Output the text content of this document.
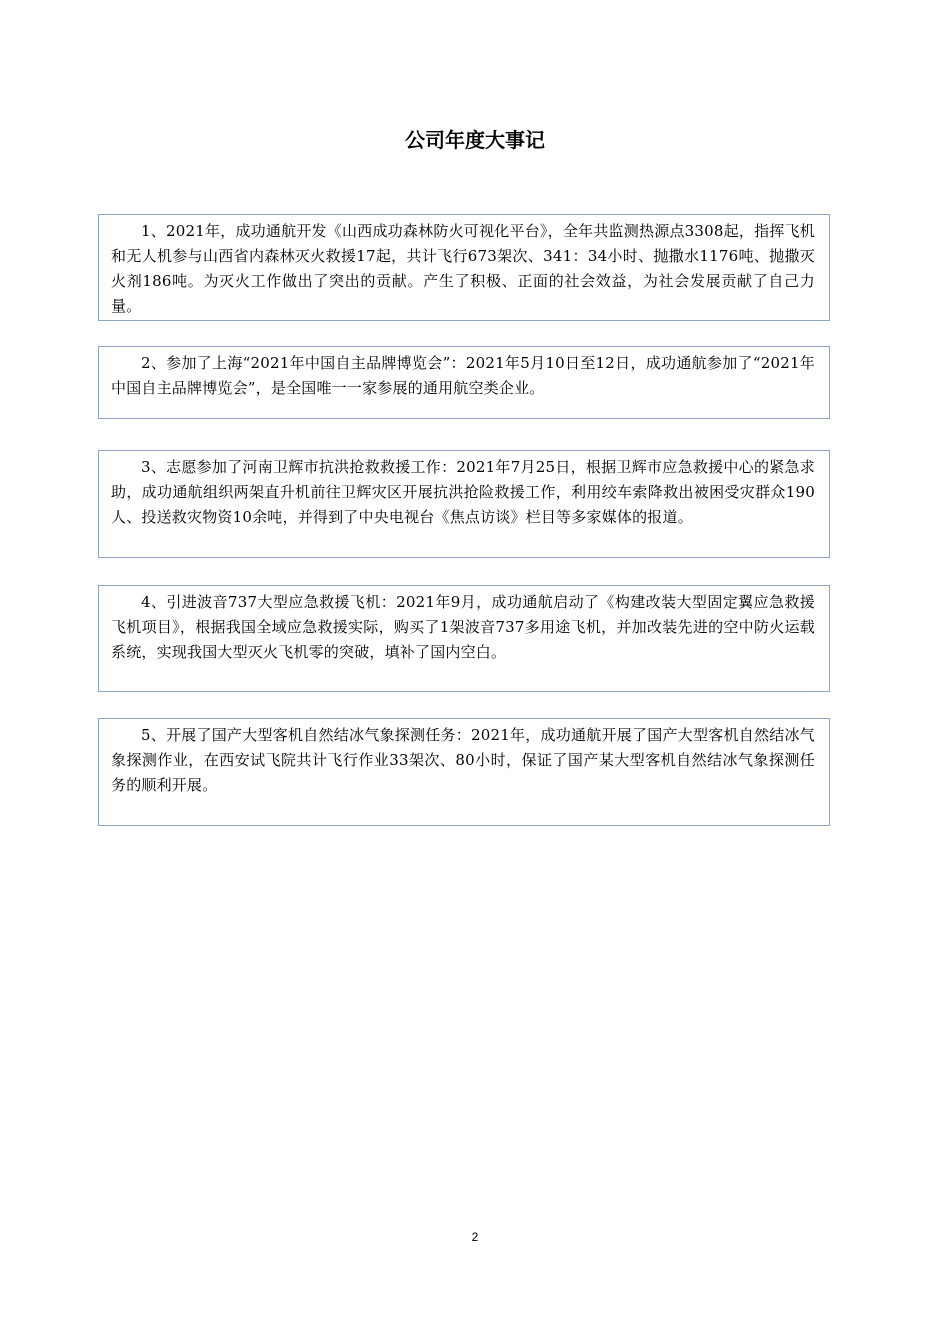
公司年度大事记

1、2021年，成功通航开发《山西成功森林防火可视化平台》，全年共监测热源点3308起，指挥飞机和无人机参与山西省内森林灭火救援17起，共计飞行673架次、341：34小时、抛撒水1176吨、抛撒灭火剂186吨。为灭火工作做出了突出的贡献。产生了积极、正面的社会效益，为社会发展贡献了自己力量。

2、参加了上海“2021年中国自主品牌博览会”：2021年5月10日至12日，成功通航参加了“2021年中国自主品牌博览会”，是全国唯一一家参展的通用航空类企业。

3、志愿参加了河南卫辉市抗洪抢救救援工作：2021年7月25日，根据卫辉市应急救援中心的紧急求助，成功通航组织两架直升机前往卫辉灾区开展抗洪抢险救援工作，利用绞车索降救出被困受灾群众190人、投送救灾物资10余吨，并得到了中央电视台《焦点访谈》栏目等多家媒体的报道。

4、引进波音737大型应急救援飞机：2021年9月，成功通航启动了《构建改装大型固定翼应急救援飞机项目》，根据我国全域应急救援实际，购买了1架波音737多用途飞机，并加改装先进的空中防火运载系统，实现我国大型灭火飞机零的突破，填补了国内空白。

5、开展了国产大型客机自然结冰气象探测任务：2021年，成功通航开展了国产大型客机自然结冰气象探测作业，在西安试飞院共计飞行作业33架次、80小时，保证了国产某大型客机自然结冰气象探测任务的顺利开展。

2
